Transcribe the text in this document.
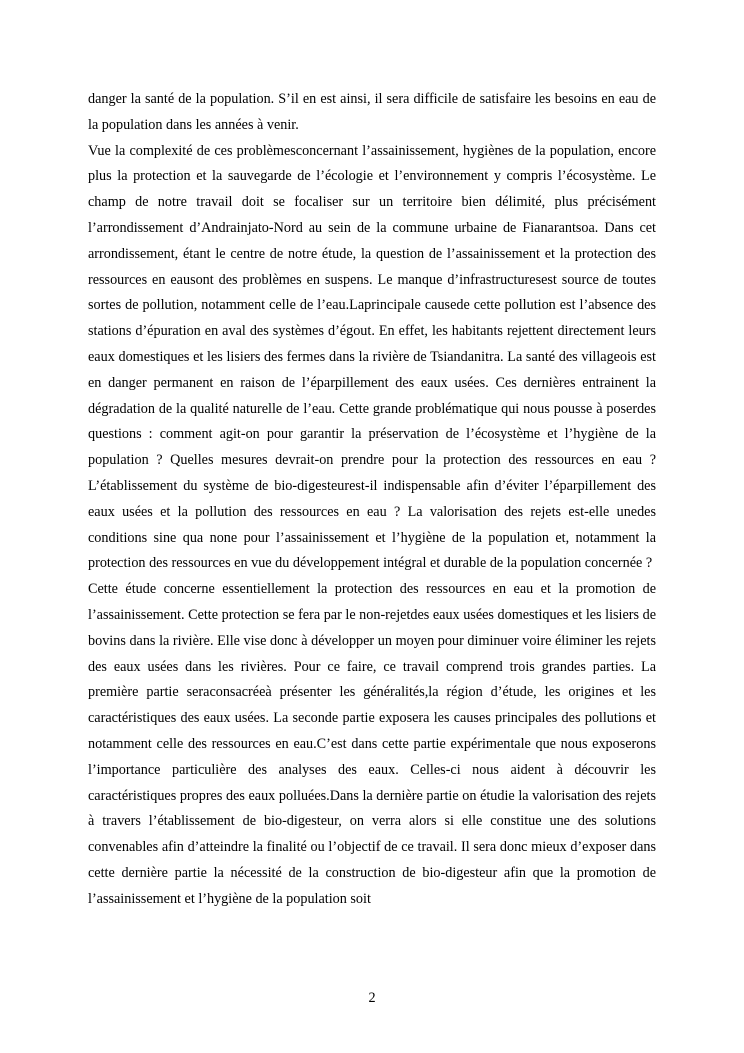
danger la santé de la population. S’il en est ainsi, il sera difficile de satisfaire les besoins en eau de la population dans les années à venir.

Vue la complexité de ces problèmesconcernant l’assainissement, hygiènes de la population, encore plus la protection et la sauvegarde de l’écologie et l’environnement y compris l’écosystème. Le champ de notre travail doit se focaliser sur un territoire bien délimité, plus précisément l’arrondissement d’Andrainjato-Nord au sein de la commune urbaine de Fianarantsoa. Dans cet arrondissement, étant le centre de notre étude, la question de l’assainissement et la protection des ressources en eausont des problèmes en suspens. Le manque d’infrastructuresest source de toutes sortes de pollution, notamment celle de l’eau.Laprincipale causede cette pollution est l’absence des stations d’épuration en aval des systèmes d’égout. En effet, les habitants rejettent directement leurs eaux domestiques et les lisiers des fermes dans la rivière de Tsiandanitra. La santé des villageois est en danger permanent en raison de l’éparpillement des eaux usées. Ces dernières entrainent la dégradation de la qualité naturelle de l’eau. Cette grande problématique qui nous pousse à poserdes questions : comment agit-on pour garantir la préservation de l’écosystème et l’hygiène de la population ? Quelles mesures devrait-on prendre pour la protection des ressources en eau ? L’établissement du système de bio-digesteurest-il indispensable afin d’éviter l’éparpillement des eaux usées et la pollution des ressources en eau ? La valorisation des rejets est-elle unedes conditions sine qua none pour l’assainissement et l’hygiène de la population et, notamment la protection des ressources en vue du développement intégral et durable de la population concernée ?

Cette étude concerne essentiellement la protection des ressources en eau et la promotion de l’assainissement. Cette protection se fera par le non-rejetdes eaux usées domestiques et les lisiers de bovins dans la rivière. Elle vise donc à développer un moyen pour diminuer voire éliminer les rejets des eaux usées dans les rivières. Pour ce faire, ce travail comprend trois grandes parties. La première partie seraconsacréeà présenter les généralités,la région d’étude, les origines et les caractéristiques des eaux usées. La seconde partie exposera les causes principales des pollutions et notamment celle des ressources en eau.C’est dans cette partie expérimentale que nous exposerons l’importance particulière des analyses des eaux. Celles-ci nous aident à découvrir les caractéristiques propres des eaux polluées.Dans la dernière partie on étudie la valorisation des rejets à travers l’établissement de bio-digesteur, on verra alors si elle constitue une des solutions convenables afin d’atteindre la finalité ou l’objectif de ce travail. Il sera donc mieux d’exposer dans cette dernière partie la nécessité de la construction de bio-digesteur afin que la promotion de l’assainissement et l’hygiène de la population soit

2
